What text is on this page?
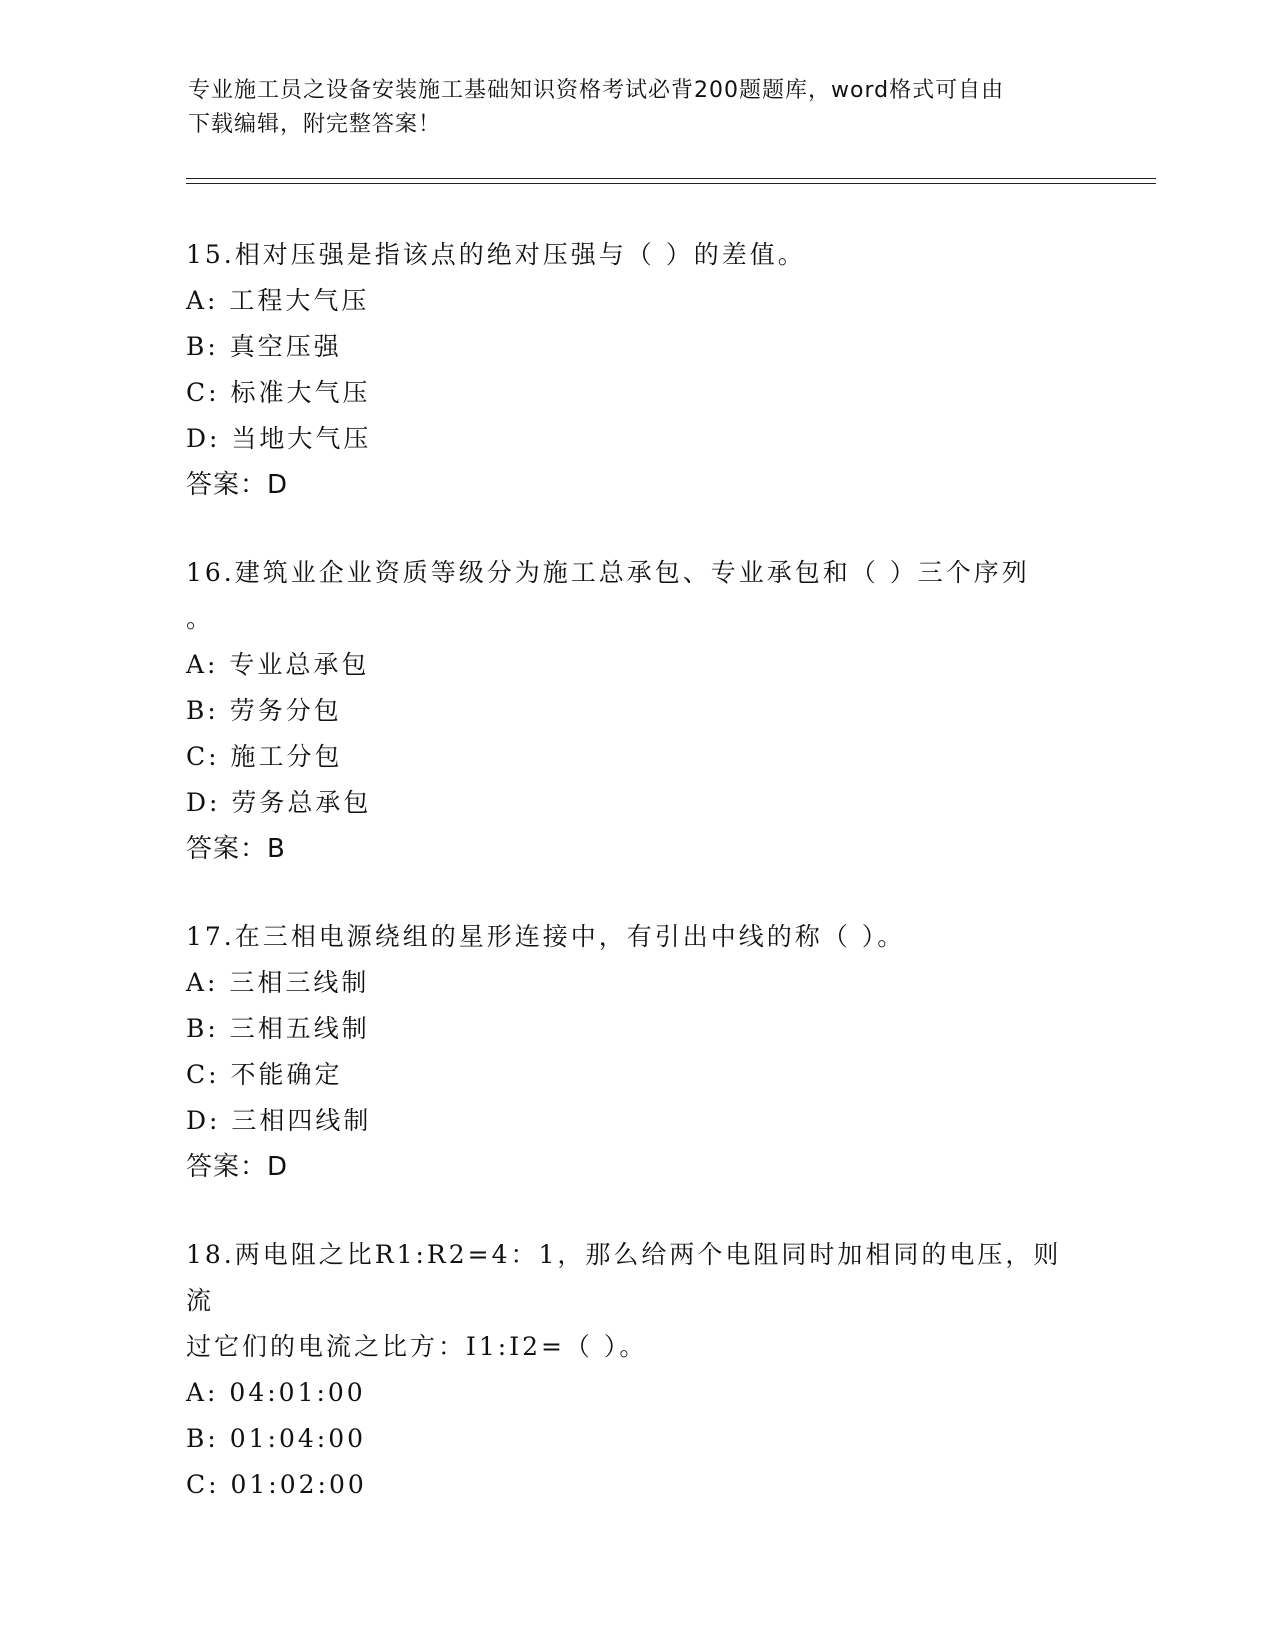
专业施工员之设备安装施工基础知识资格考试必背200题题库，word格式可自由
下载编辑，附完整答案！
15.相对压强是指该点的绝对压强与（ ）的差值。
A: 工程大气压
B: 真空压强
C: 标准大气压
D: 当地大气压
答案：D
16.建筑业企业资质等级分为施工总承包、专业承包和（ ）三个序列
。
A: 专业总承包
B: 劳务分包
C: 施工分包
D: 劳务总承包
答案：B
17.在三相电源绕组的星形连接中，有引出中线的称（ ）。
A: 三相三线制
B: 三相五线制
C: 不能确定
D: 三相四线制
答案：D
18.两电阻之比R1:R2=4：1，那么给两个电阻同时加相同的电压，则流
过它们的电流之比方：I1:I2=（ ）。
A: 04:01:00
B: 01:04:00
C: 01:02:00
